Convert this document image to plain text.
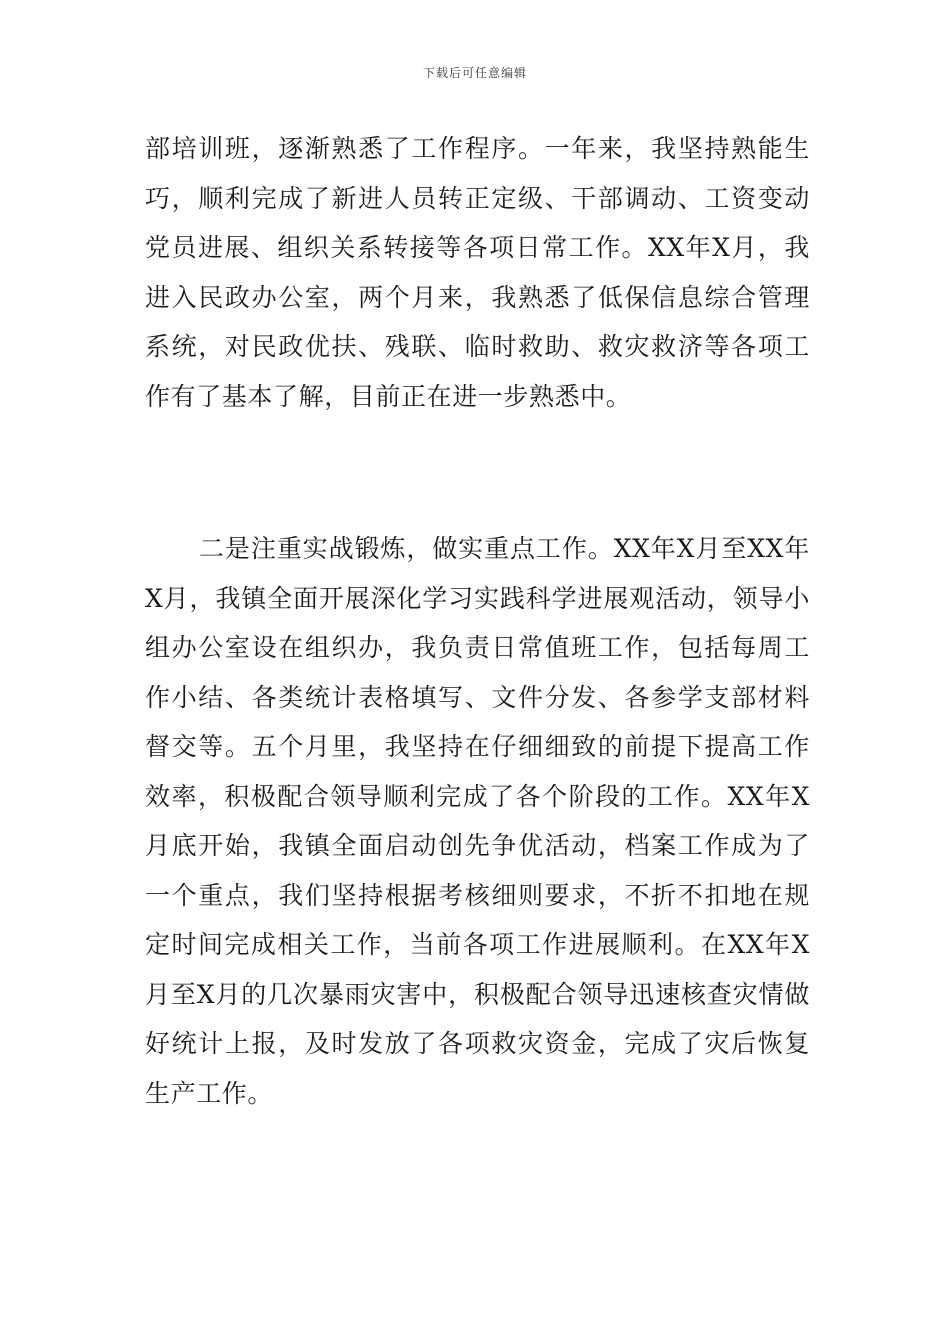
下载后可任意编辑
部培训班，逐渐熟悉了工作程序。一年来，我坚持熟能生
巧，顺利完成了新进人员转正定级、干部调动、工资变动
党员进展、组织关系转接等各项日常工作。XX年X月，我
进入民政办公室，两个月来，我熟悉了低保信息综合管理
系统，对民政优扶、残联、临时救助、救灾救济等各项工
作有了基本了解，目前正在进一步熟悉中。
二是注重实战锻炼，做实重点工作。XX年X月至XX年
X月，我镇全面开展深化学习实践科学进展观活动，领导小
组办公室设在组织办，我负责日常值班工作，包括每周工
作小结、各类统计表格填写、文件分发、各参学支部材料
督交等。五个月里，我坚持在仔细细致的前提下提高工作
效率，积极配合领导顺利完成了各个阶段的工作。XX年X
月底开始，我镇全面启动创先争优活动，档案工作成为了
一个重点，我们坚持根据考核细则要求，不折不扣地在规
定时间完成相关工作，当前各项工作进展顺利。在XX年X
月至X月的几次暴雨灾害中，积极配合领导迅速核查灾情做
好统计上报，及时发放了各项救灾资金，完成了灾后恢复
生产工作。
